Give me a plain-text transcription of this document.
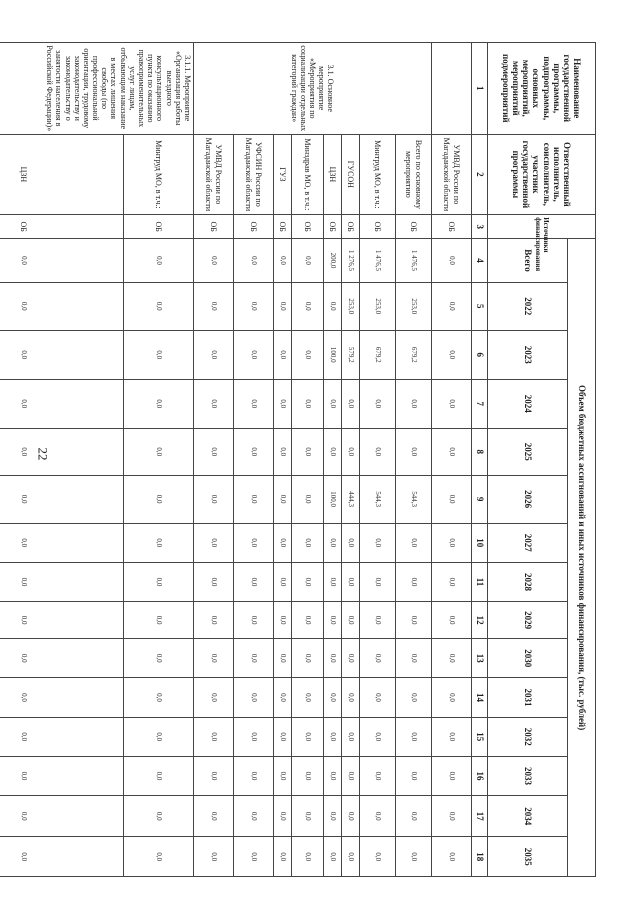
22
Наименование государственной программы, подпрограммы, основных мероприятий, мероприятий подмероприятий	Ответственный исполнитель, соисполнитель, участник государственной программы	Источники финансирования	Объем бюджетных ассигнований и иных источников финансирования, (тыс. рублей)														
			Всего	2022	2023	2024	2025	2026	2027	2028	2029	2030	2031	2032	2033	2034	2035
1	2	3	4	5	6	7	8	9	10	11	12	13	14	15	16	17	18
	УМВД России по Магаданской области	ОБ	0,0	0,0	0,0	0,0	0,0	0,0	0,0	0,0	0,0	0,0	0,0	0,0	0,0	0,0	0,0
3.1. Основное мероприятие «Мероприятия по социализации отдельных категорий граждан»	Всего по основному мероприятию	ОБ	1 476,5	253,0	679,2	0,0	0,0	544,3	0,0	0,0	0,0	0,0	0,0	0,0	0,0	0,0	0,0
	Минтруд МО, в т.ч.:	ОБ	1 476,5	253,0	679,2	0,0	0,0	544,3	0,0	0,0	0,0	0,0	0,0	0,0	0,0	0,0	0,0
	ГУСОН	ОБ	1 276,5	253,0	579,2	0,0	0,0	444,3	0,0	0,0	0,0	0,0	0,0	0,0	0,0	0,0	0,0
	ЦЗН	ОБ	200,0	0,0	100,0	0,0	0,0	100,0	0,0	0,0	0,0	0,0	0,0	0,0	0,0	0,0	0,0
	Минздрав МО, в т.ч.:	ОБ	0,0	0,0	0,0	0,0	0,0	0,0	0,0	0,0	0,0	0,0	0,0	0,0	0,0	0,0	0,0
	ГУЗ	ОБ	0,0	0,0	0,0	0,0	0,0	0,0	0,0	0,0	0,0	0,0	0,0	0,0	0,0	0,0	0,0
	УФСИН России по Магаданской области	ОБ	0,0	0,0	0,0	0,0	0,0	0,0	0,0	0,0	0,0	0,0	0,0	0,0	0,0	0,0	0,0
	УМВД России по Магаданской области	ОБ	0,0	0,0	0,0	0,0	0,0	0,0	0,0	0,0	0,0	0,0	0,0	0,0	0,0	0,0	0,0
3.1.1. Мероприятие «Организация работы выездного консультационного пункта по оказанию правоприменительных услуг лицам, отбывающим наказание в местах лишения свободы (по профессиональной ориентации, трудовому законодательству и законодательству о занятости населения в Российской Федерации)»	Минтруд МО, в т.ч.:	ОБ	0,0	0,0	0,0	0,0	0,0	0,0	0,0	0,0	0,0	0,0	0,0	0,0	0,0	0,0	0,0
	ЦЗН	ОБ	0,0	0,0	0,0	0,0	0,0	0,0	0,0	0,0	0,0	0,0	0,0	0,0	0,0	0,0	0,0
